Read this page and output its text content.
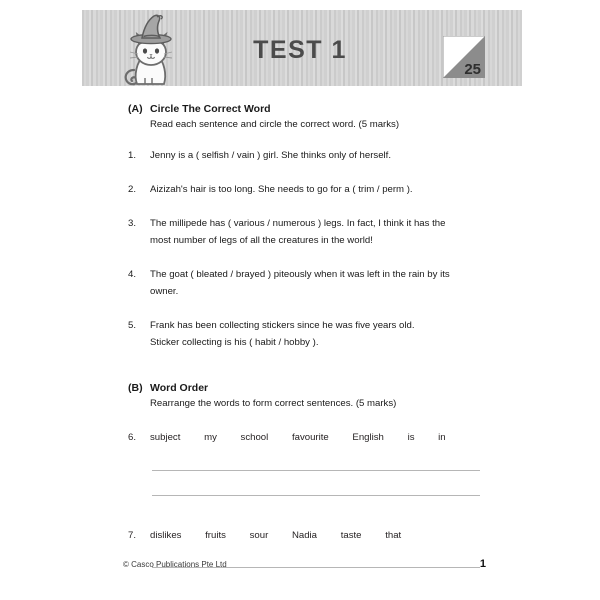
TEST 1
25
(A) Circle The Correct Word
Read each sentence and circle the correct word. (5 marks)
1. Jenny is a ( selfish / vain ) girl. She thinks only of herself.
2. Aizizah's hair is too long. She needs to go for a ( trim / perm ).
3. The millipede has ( various / numerous ) legs. In fact, I think it has the
most number of legs of all the creatures in the world!
4. The goat ( bleated / brayed ) piteously when it was left in the rain by its
owner.
5. Frank has been collecting stickers since he was five years old.
Sticker collecting is his ( habit / hobby ).
(B) Word Order
Rearrange the words to form correct sentences. (5 marks)
6. subject my school favourite English is in
7. dislikes fruits sour Nadia taste that
© Casco Publications Pte Ltd	1
